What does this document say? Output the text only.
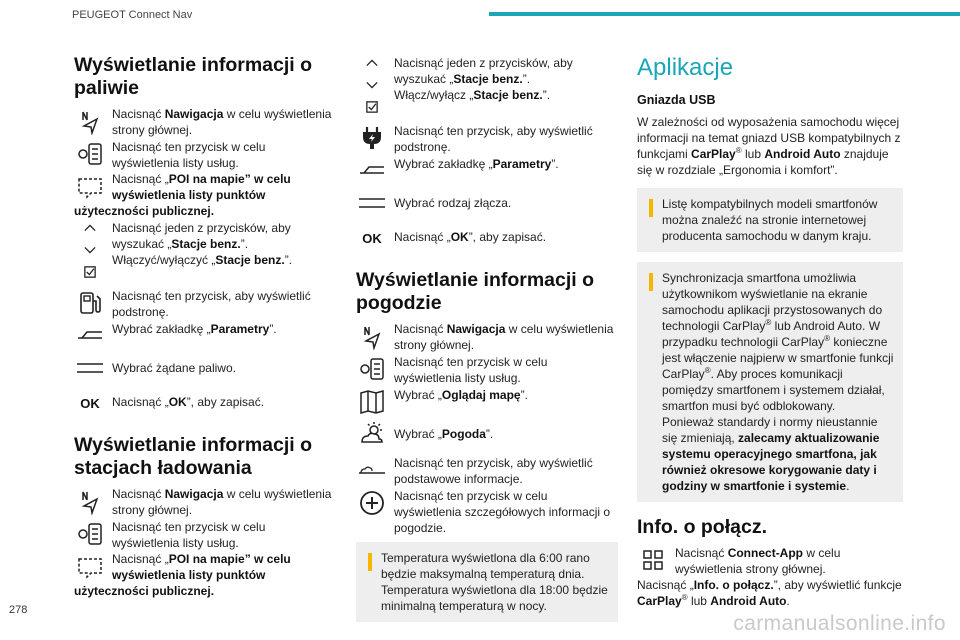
PEUGEOT Connect Nav
Wyświetlanie informacji o paliwie
Nacisnąć Nawigacja w celu wyświetlenia strony głównej.
Nacisnąć ten przycisk w celu wyświetlenia listy usług.
Nacisnąć „POI na mapie” w celu wyświetlenia listy punktów użyteczności publicznej.
Nacisnąć jeden z przycisków, aby wyszukać „Stacje benz.”.
Włączyć/wyłączyć „Stacje benz.”.
Nacisnąć ten przycisk, aby wyświetlić podstronę.
Wybrać zakładkę „Parametry”.
Wybrać żądane paliwo.
OK	Nacisnąć „OK”, aby zapisać.
Wyświetlanie informacji o stacjach ładowania
Nacisnąć Nawigacja w celu wyświetlenia strony głównej.
Nacisnąć ten przycisk w celu wyświetlenia listy usług.
Nacisnąć „POI na mapie” w celu wyświetlenia listy punktów użyteczności publicznej.
Nacisnąć jeden z przycisków, aby wyszukać „Stacje benz.”.
Włącz/wyłącz „Stacje benz.”.
Nacisnąć ten przycisk, aby wyświetlić podstronę.
Wybrać zakładkę „Parametry”.
Wybrać rodzaj złącza.
OK	Nacisnąć „OK”, aby zapisać.
Wyświetlanie informacji o pogodzie
Nacisnąć Nawigacja w celu wyświetlenia strony głównej.
Nacisnąć ten przycisk w celu wyświetlenia listy usług.
Wybrać „Oglądaj mapę”.
Wybrać „Pogoda”.
Nacisnąć ten przycisk, aby wyświetlić podstawowe informacje.
Nacisnąć ten przycisk w celu wyświetlenia szczegółowych informacji o pogodzie.
Temperatura wyświetlona dla 6:00 rano będzie maksymalną temperaturą dnia. Temperatura wyświetlona dla 18:00 będzie minimalną temperaturą w nocy.
Aplikacje
Gniazda USB

W zależności od wyposażenia samochodu więcej informacji na temat gniazd USB kompatybilnych z funkcjami CarPlay® lub Android Auto znajduje się w rozdziale „Ergonomia i komfort”.

Listę kompatybilnych modeli smartfonów można znaleźć na stronie internetowej producenta samochodu w danym kraju.
Synchronizacja smartfona umożliwia użytkownikom wyświetlanie na ekranie samochodu aplikacji przystosowanych do technologii CarPlay® lub Android Auto. W przypadku technologii CarPlay® konieczne jest włączenie najpierw w smartfonie funkcji CarPlay®. Aby proces komunikacji pomiędzy smartfonem i systemem działał, smartfon musi być odblokowany.
Ponieważ standardy i normy nieustannie się zmieniają, zalecamy aktualizowanie systemu operacyjnego smartfona, jak również okresowe korygowanie daty i godziny w smartfonie i systemie.
Info. o połącz.
Nacisnąć Connect-App w celu wyświetlenia strony głównej.

Nacisnąć „Info. o połącz.”, aby wyświetlić funkcje CarPlay® lub Android Auto.

278
carmanualsonline.info
